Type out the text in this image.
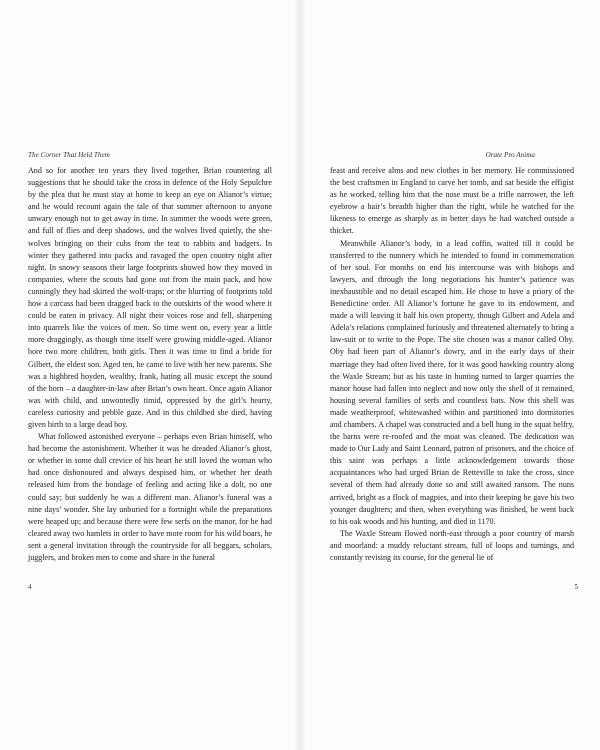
The Corner That Held Them

And so for another ten years they lived together, Brian countering all suggestions that he should take the cross in defence of the Holy Sepulchre by the plea that he must stay at home to keep an eye on Alianor’s virtue; and he would recount again the tale of that summer afternoon to anyone unwary enough not to get away in time. In summer the woods were green, and full of flies and deep shadows, and the wolves lived quietly, the she-wolves bringing on their cubs from the teat to rabbits and badgers. In winter they gathered into packs and ravaged the open country night after night. In snowy seasons their large footprints showed how they moved in companies, where the scouts had gone out from the main pack, and how cunningly they had skirted the wolf-traps; or the blurring of footprints told how a carcass had been dragged back to the outskirts of the wood where it could be eaten in privacy. All night their voices rose and fell, sharpening into quarrels like the voices of men. So time went on, every year a little more draggingly, as though time itself were growing middle-aged. Alianor bore two more children, both girls. Then it was time to find a bride for Gilbert, the eldest son. Aged ten, he came to live with her new parents. She was a highbred hoyden, wealthy, frank, hating all music except the sound of the horn – a daughter-in-law after Brian’s own heart. Once again Alianor was with child, and unwontedly timid, oppressed by the girl’s hearty, careless curiosity and pebble gaze. And in this childbed she died, having given birth to a large dead boy.

What followed astonished everyone – perhaps even Brian himself, who had become the astonishment. Whether it was he dreaded Alianor’s ghost, or whether in some dull crevice of his heart he still loved the woman who had once dishonoured and always despised him, or whether her death released him from the bondage of feeling and acting like a dolt, no one could say; but suddenly he was a different man. Alianor’s funeral was a nine days’ wonder. She lay unburied for a fortnight while the preparations were heaped up; and because there were few serfs on the manor, for he had cleared away two hamlets in order to have more room for his wild boars, he sent a general invitation through the countryside for all beggars, scholars, jugglers, and broken men to come and share in the funeral

4
Orate Pro Anima

feast and receive alms and new clothes in her memory. He commissioned the best craftsmen in England to carve her tomb, and sat beside the effigist as he worked, telling him that the nose must be a trifle narrower, the left eyebrow a hair’s breadth higher than the right, while he watched for the likeness to emerge as sharply as in better days he had watched outside a thicket.

Meanwhile Alianor’s body, in a lead coffin, waited till it could be transferred to the nunnery which he intended to found in commemoration of her soul. For months on end his intercourse was with bishops and lawyers, and through the long negotiations his hunter’s patience was inexhaustible and no detail escaped him. He chose to have a priory of the Benedictine order. All Alianor’s fortune he gave to its endowment, and made a will leaving it half his own property, though Gilbert and Adela and Adela’s relations complained furiously and threatened alternately to bring a law-suit or to write to the Pope. The site chosen was a manor called Oby. Oby had been part of Alianor’s dowry, and in the early days of their marriage they had often lived there, for it was good hawking country along the Waxle Stream; but as his taste in hunting turned to larger quarries the manor house had fallen into neglect and now only the shell of it remained, housing several families of serfs and countless bats. Now this shell was made weatherproof, whitewashed within and partitioned into dormitories and chambers. A chapel was constructed and a bell hung in the squat belfry, the barns were re-roofed and the moat was cleaned. The dedication was made to Our Lady and Saint Leonard, patron of prisoners, and the choice of this saint was perhaps a little acknowledgement towards those acquaintances who had urged Brian de Retteville to take the cross, since several of them had already done so and still awaited ransom. The nuns arrived, bright as a flock of magpies, and into their keeping he gave his two younger daughters; and then, when everything was finished, he went back to his oak woods and his hunting, and died in 1170.

The Waxle Stream flowed north-east through a poor country of marsh and moorland: a muddy reluctant stream, full of loops and turnings, and constantly revising its course, for the general lie of

5
